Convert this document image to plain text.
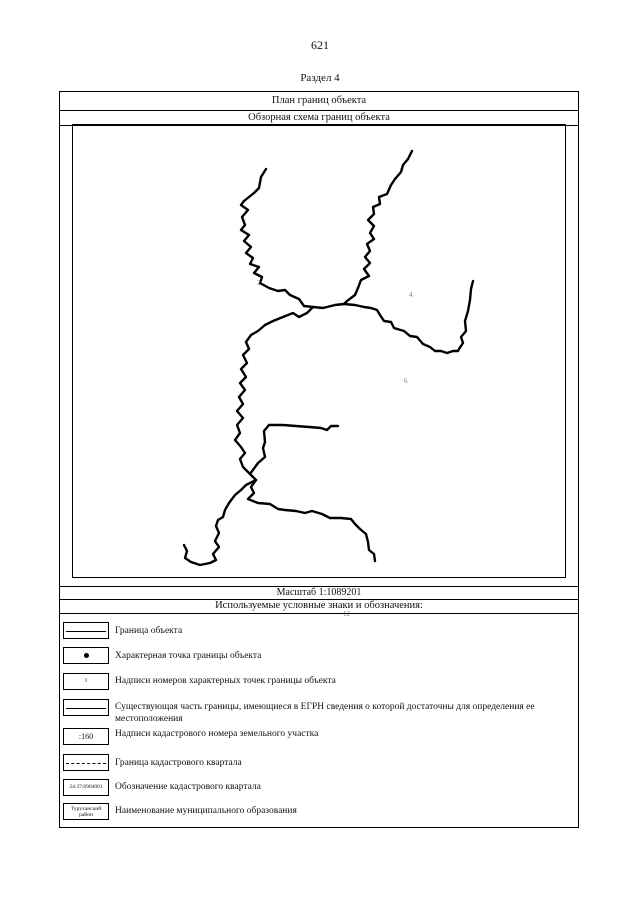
621
Раздел 4
План границ объекта
Обзорная схема границ объекта
2
4
6
12
Масштаб 1:1089201
Используемые условные знаки и обозначения:
Граница объекта
Характерная точка границы объекта
1	Надписи номеров характерных точек границы объекта
Существующая часть границы, имеющиеся в ЕГРН сведения о которой достаточны для определения ее местоположения
:160	Надписи кадастрового номера земельного участка
Граница кадастрового квартала
24:37:0904001	Обозначение кадастрового квартала
Туруханский район	Наименование муниципального образования
